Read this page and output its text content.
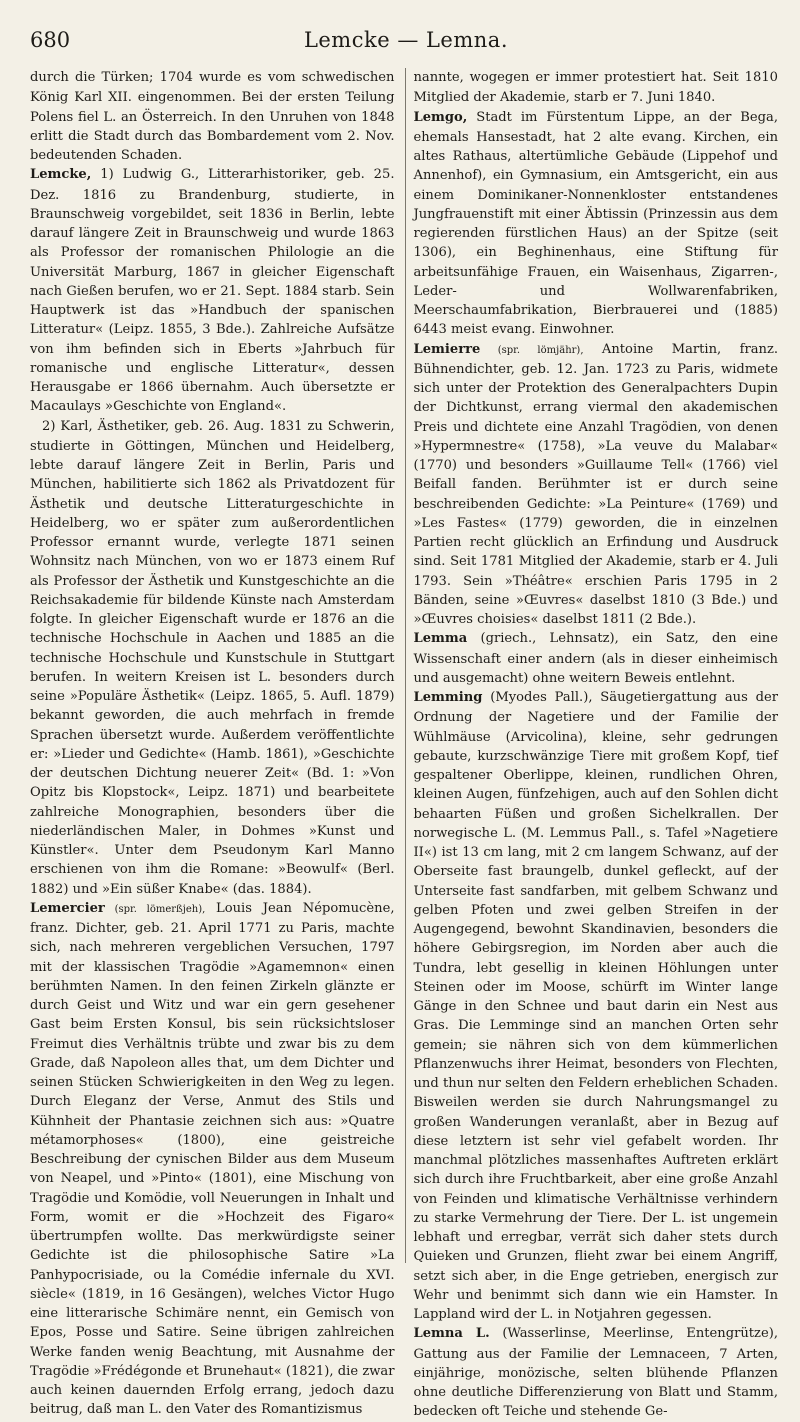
680	Lemcke — Lemna.

durch die Türken; 1704 wurde es vom schwedischen König Karl XII. eingenommen. Bei der ersten Teilung Polens fiel L. an Österreich. In den Unruhen von 1848 erlitt die Stadt durch das Bombardement vom 2. Nov. bedeutenden Schaden.

Lemcke, 1) Ludwig G., Litterarhistoriker, geb. 25. Dez. 1816 zu Brandenburg, studierte, in Braunschweig vorgebildet, seit 1836 in Berlin, lebte darauf längere Zeit in Braunschweig und wurde 1863 als Professor der romanischen Philologie an die Universität Marburg, 1867 in gleicher Eigenschaft nach Gießen berufen, wo er 21. Sept. 1884 starb. Sein Hauptwerk ist das »Handbuch der spanischen Litteratur« (Leipz. 1855, 3 Bde.). Zahlreiche Aufsätze von ihm befinden sich in Eberts »Jahrbuch für romanische und englische Litteratur«, dessen Herausgabe er 1866 übernahm. Auch übersetzte er Macaulays »Geschichte von England«.

2) Karl, Ästhetiker, geb. 26. Aug. 1831 zu Schwerin, studierte in Göttingen, München und Heidelberg, lebte darauf längere Zeit in Berlin, Paris und München, habilitierte sich 1862 als Privatdozent für Ästhetik und deutsche Litteraturgeschichte in Heidelberg, wo er später zum außerordentlichen Professor ernannt wurde, verlegte 1871 seinen Wohnsitz nach München, von wo er 1873 einem Ruf als Professor der Ästhetik und Kunstgeschichte an die Reichsakademie für bildende Künste nach Amsterdam folgte. In gleicher Eigenschaft wurde er 1876 an die technische Hochschule in Aachen und 1885 an die technische Hochschule und Kunstschule in Stuttgart berufen. In weitern Kreisen ist L. besonders durch seine »Populäre Ästhetik« (Leipz. 1865, 5. Aufl. 1879) bekannt geworden, die auch mehrfach in fremde Sprachen übersetzt wurde. Außerdem veröffentlichte er: »Lieder und Gedichte« (Hamb. 1861), »Geschichte der deutschen Dichtung neuerer Zeit« (Bd. 1: »Von Opitz bis Klopstock«, Leipz. 1871) und bearbeitete zahlreiche Monographien, besonders über die niederländischen Maler, in Dohmes »Kunst und Künstler«. Unter dem Pseudonym Karl Manno erschienen von ihm die Romane: »Beowulf« (Berl. 1882) und »Ein süßer Knabe« (das. 1884).

Lemercier (spr. lömerßjeh), Louis Jean Népomucène, franz. Dichter, geb. 21. April 1771 zu Paris, machte sich, nach mehreren vergeblichen Versuchen, 1797 mit der klassischen Tragödie »Agamemnon« einen berühmten Namen. In den feinen Zirkeln glänzte er durch Geist und Witz und war ein gern gesehener Gast beim Ersten Konsul, bis sein rücksichtsloser Freimut dies Verhältnis trübte und zwar bis zu dem Grade, daß Napoleon alles that, um dem Dichter und seinen Stücken Schwierigkeiten in den Weg zu legen. Durch Eleganz der Verse, Anmut des Stils und Kühnheit der Phantasie zeichnen sich aus: »Quatre métamorphoses« (1800), eine geistreiche Beschreibung der cynischen Bilder aus dem Museum von Neapel, und »Pinto« (1801), eine Mischung von Tragödie und Komödie, voll Neuerungen in Inhalt und Form, womit er die »Hochzeit des Figaro« übertrumpfen wollte. Das merkwürdigste seiner Gedichte ist die philosophische Satire »La Panhypocrisiade, ou la Comédie infernale du XVI. siècle« (1819, in 16 Gesängen), welches Victor Hugo eine litterarische Schimäre nennt, ein Gemisch von Epos, Posse und Satire. Seine übrigen zahlreichen Werke fanden wenig Beachtung, mit Ausnahme der Tragödie »Frédégonde et Brunehaut« (1821), die zwar auch keinen dauernden Erfolg errang, jedoch dazu beitrug, daß man L. den Vater des Romantizismus

nannte, wogegen er immer protestiert hat. Seit 1810 Mitglied der Akademie, starb er 7. Juni 1840.

Lemgo, Stadt im Fürstentum Lippe, an der Bega, ehemals Hansestadt, hat 2 alte evang. Kirchen, ein altes Rathaus, altertümliche Gebäude (Lippehof und Annenhof), ein Gymnasium, ein Amtsgericht, ein aus einem Dominikaner-Nonnenkloster entstandenes Jungfrauenstift mit einer Äbtissin (Prinzessin aus dem regierenden fürstlichen Haus) an der Spitze (seit 1306), ein Beghinenhaus, eine Stiftung für arbeitsunfähige Frauen, ein Waisenhaus, Zigarren-, Leder- und Wollwarenfabriken, Meerschaumfabrikation, Bierbrauerei und (1885) 6443 meist evang. Einwohner.

Lemierre (spr. lömjähr), Antoine Martin, franz. Bühnendichter, geb. 12. Jan. 1723 zu Paris, widmete sich unter der Protektion des Generalpachters Dupin der Dichtkunst, errang viermal den akademischen Preis und dichtete eine Anzahl Tragödien, von denen »Hypermnestre« (1758), »La veuve du Malabar« (1770) und besonders »Guillaume Tell« (1766) viel Beifall fanden. Berühmter ist er durch seine beschreibenden Gedichte: »La Peinture« (1769) und »Les Fastes« (1779) geworden, die in einzelnen Partien recht glücklich an Erfindung und Ausdruck sind. Seit 1781 Mitglied der Akademie, starb er 4. Juli 1793. Sein »Théâtre« erschien Paris 1795 in 2 Bänden, seine »Œuvres« daselbst 1810 (3 Bde.) und »Œuvres choisies« daselbst 1811 (2 Bde.).

Lemma (griech., Lehnsatz), ein Satz, den eine Wissenschaft einer andern (als in dieser einheimisch und ausgemacht) ohne weitern Beweis entlehnt.

Lemming (Myodes Pall.), Säugetiergattung aus der Ordnung der Nagetiere und der Familie der Wühlmäuse (Arvicolina), kleine, sehr gedrungen gebaute, kurzschwänzige Tiere mit großem Kopf, tief gespaltener Oberlippe, kleinen, rundlichen Ohren, kleinen Augen, fünfzehigen, auch auf den Sohlen dicht behaarten Füßen und großen Sichelkrallen. Der norwegische L. (M. Lemmus Pall., s. Tafel »Nagetiere II«) ist 13 cm lang, mit 2 cm langem Schwanz, auf der Oberseite fast braungelb, dunkel gefleckt, auf der Unterseite fast sandfarben, mit gelbem Schwanz und gelben Pfoten und zwei gelben Streifen in der Augengegend, bewohnt Skandinavien, besonders die höhere Gebirgsregion, im Norden aber auch die Tundra, lebt gesellig in kleinen Höhlungen unter Steinen oder im Moose, schürft im Winter lange Gänge in den Schnee und baut darin ein Nest aus Gras. Die Lemminge sind an manchen Orten sehr gemein; sie nähren sich von dem kümmerlichen Pflanzenwuchs ihrer Heimat, besonders von Flechten, und thun nur selten den Feldern erheblichen Schaden. Bisweilen werden sie durch Nahrungsmangel zu großen Wanderungen veranlaßt, aber in Bezug auf diese letztern ist sehr viel gefabelt worden. Ihr manchmal plötzliches massenhaftes Auftreten erklärt sich durch ihre Fruchtbarkeit, aber eine große Anzahl von Feinden und klimatische Verhältnisse verhindern zu starke Vermehrung der Tiere. Der L. ist ungemein lebhaft und erregbar, verrät sich daher stets durch Quieken und Grunzen, flieht zwar bei einem Angriff, setzt sich aber, in die Enge getrieben, energisch zur Wehr und benimmt sich dann wie ein Hamster. In Lappland wird der L. in Notjahren gegessen.

Lemna L. (Wasserlinse, Meerlinse, Entengrütze), Gattung aus der Familie der Lemnaceen, 7 Arten, einjährige, monözische, selten blühende Pflanzen ohne deutliche Differenzierung von Blatt und Stamm, bedecken oft Teiche und stehende Ge-
